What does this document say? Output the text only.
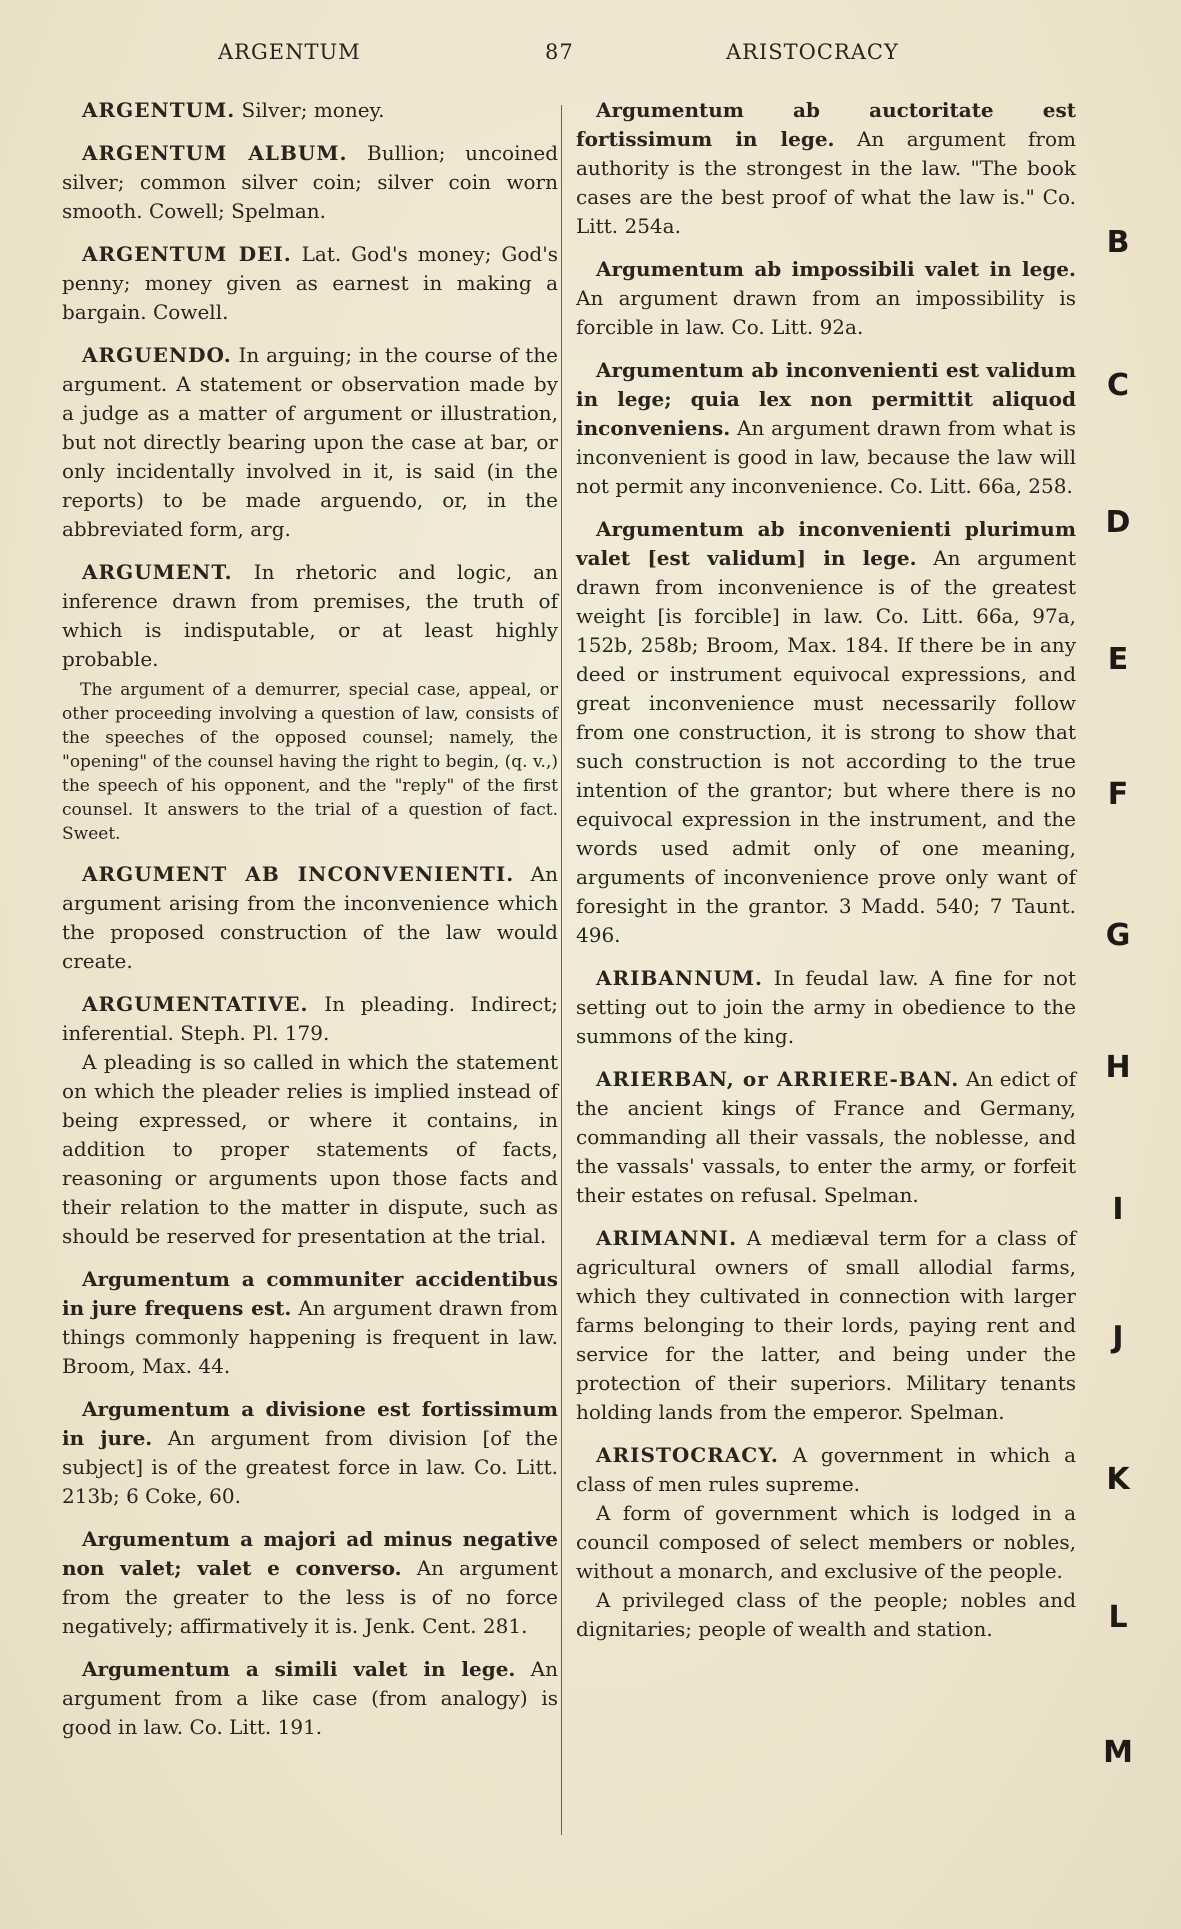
ARGENTUM	87	ARISTOCRACY

ARGENTUM. Silver; money.

ARGENTUM ALBUM. Bullion; uncoined silver; common silver coin; silver coin worn smooth. Cowell; Spelman.

ARGENTUM DEI. Lat. God's money; God's penny; money given as earnest in making a bargain. Cowell.

ARGUENDO. In arguing; in the course of the argument. A statement or observation made by a judge as a matter of argument or illustration, but not directly bearing upon the case at bar, or only incidentally involved in it, is said (in the reports) to be made arguendo, or, in the abbreviated form, arg.

ARGUMENT. In rhetoric and logic, an inference drawn from premises, the truth of which is indisputable, or at least highly probable.

The argument of a demurrer, special case, appeal, or other proceeding involving a question of law, consists of the speeches of the opposed counsel; namely, the "opening" of the counsel having the right to begin, (q. v.,) the speech of his opponent, and the "reply" of the first counsel. It answers to the trial of a question of fact. Sweet.

ARGUMENT AB INCONVENIENTI. An argument arising from the inconvenience which the proposed construction of the law would create.

ARGUMENTATIVE. In pleading. Indirect; inferential. Steph. Pl. 179.

A pleading is so called in which the statement on which the pleader relies is implied instead of being expressed, or where it contains, in addition to proper statements of facts, reasoning or arguments upon those facts and their relation to the matter in dispute, such as should be reserved for presentation at the trial.

Argumentum a communiter accidentibus in jure frequens est. An argument drawn from things commonly happening is frequent in law. Broom, Max. 44.

Argumentum a divisione est fortissimum in jure. An argument from division [of the subject] is of the greatest force in law. Co. Litt. 213b; 6 Coke, 60.

Argumentum a majori ad minus negative non valet; valet e converso. An argument from the greater to the less is of no force negatively; affirmatively it is. Jenk. Cent. 281.

Argumentum a simili valet in lege. An argument from a like case (from analogy) is good in law. Co. Litt. 191.

Argumentum ab auctoritate est fortissimum in lege. An argument from authority is the strongest in the law. "The book cases are the best proof of what the law is." Co. Litt. 254a.

Argumentum ab impossibili valet in lege. An argument drawn from an impossibility is forcible in law. Co. Litt. 92a.

Argumentum ab inconvenienti est validum in lege; quia lex non permittit aliquod inconveniens. An argument drawn from what is inconvenient is good in law, because the law will not permit any inconvenience. Co. Litt. 66a, 258.

Argumentum ab inconvenienti plurimum valet [est validum] in lege. An argument drawn from inconvenience is of the greatest weight [is forcible] in law. Co. Litt. 66a, 97a, 152b, 258b; Broom, Max. 184. If there be in any deed or instrument equivocal expressions, and great inconvenience must necessarily follow from one construction, it is strong to show that such construction is not according to the true intention of the grantor; but where there is no equivocal expression in the instrument, and the words used admit only of one meaning, arguments of inconvenience prove only want of foresight in the grantor. 3 Madd. 540; 7 Taunt. 496.

ARIBANNUM. In feudal law. A fine for not setting out to join the army in obedience to the summons of the king.

ARIERBAN, or ARRIERE-BAN. An edict of the ancient kings of France and Germany, commanding all their vassals, the noblesse, and the vassals' vassals, to enter the army, or forfeit their estates on refusal. Spelman.

ARIMANNI. A mediæval term for a class of agricultural owners of small allodial farms, which they cultivated in connection with larger farms belonging to their lords, paying rent and service for the latter, and being under the protection of their superiors. Military tenants holding lands from the emperor. Spelman.

ARISTOCRACY. A government in which a class of men rules supreme.

A form of government which is lodged in a council composed of select members or nobles, without a monarch, and exclusive of the people.

A privileged class of the people; nobles and dignitaries; people of wealth and station.

B
C
D
E
F
G
H
I
J
K
L
M
